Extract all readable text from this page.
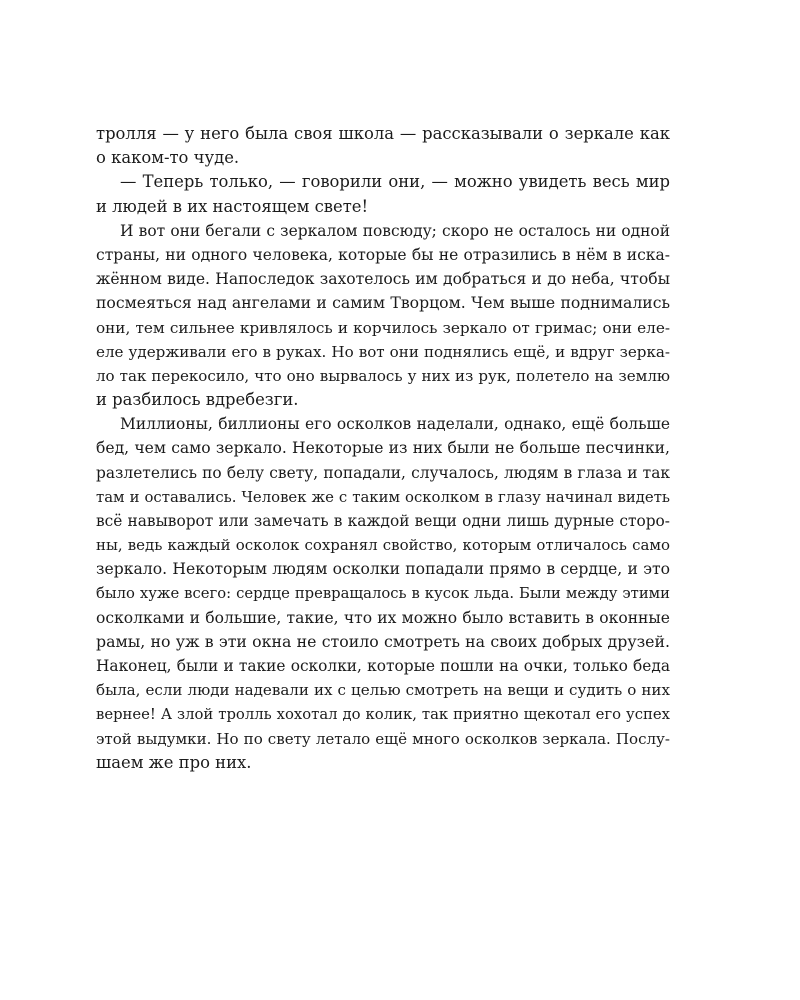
тролля — у него была своя школа — рассказывали о зеркале как
о каком-то чуде.
— Теперь только, — говорили они, — можно увидеть весь мир
и людей в их настоящем свете!
И вот они бегали с зеркалом повсюду; скоро не осталось ни одной
страны, ни одного человека, которые бы не отразились в нём в иска-
жённом виде. Напоследок захотелось им добраться и до неба, чтобы
посмеяться над ангелами и самим Творцом. Чем выше поднимались
они, тем сильнее кривлялось и корчилось зеркало от гримас; они еле-
еле удерживали его в руках. Но вот они поднялись ещё, и вдруг зерка-
ло так перекосило, что оно вырвалось у них из рук, полетело на землю
и разбилось вдребезги.
Миллионы, биллионы его осколков наделали, однако, ещё больше
бед, чем само зеркало. Некоторые из них были не больше песчинки,
разлетелись по белу свету, попадали, случалось, людям в глаза и так
там и оставались. Человек же с таким осколком в глазу начинал видеть
всё навыворот или замечать в каждой вещи одни лишь дурные сторо-
ны, ведь каждый осколок сохранял свойство, которым отличалось само
зеркало. Некоторым людям осколки попадали прямо в сердце, и это
было хуже всего: сердце превращалось в кусок льда. Были между этими
осколками и большие, такие, что их можно было вставить в оконные
рамы, но уж в эти окна не стоило смотреть на своих добрых друзей.
Наконец, были и такие осколки, которые пошли на очки, только беда
была, если люди надевали их с целью смотреть на вещи и судить о них
вернее! А злой тролль хохотал до колик, так приятно щекотал его успех
этой выдумки. Но по свету летало ещё много осколков зеркала. Послу-
шаем же про них.
